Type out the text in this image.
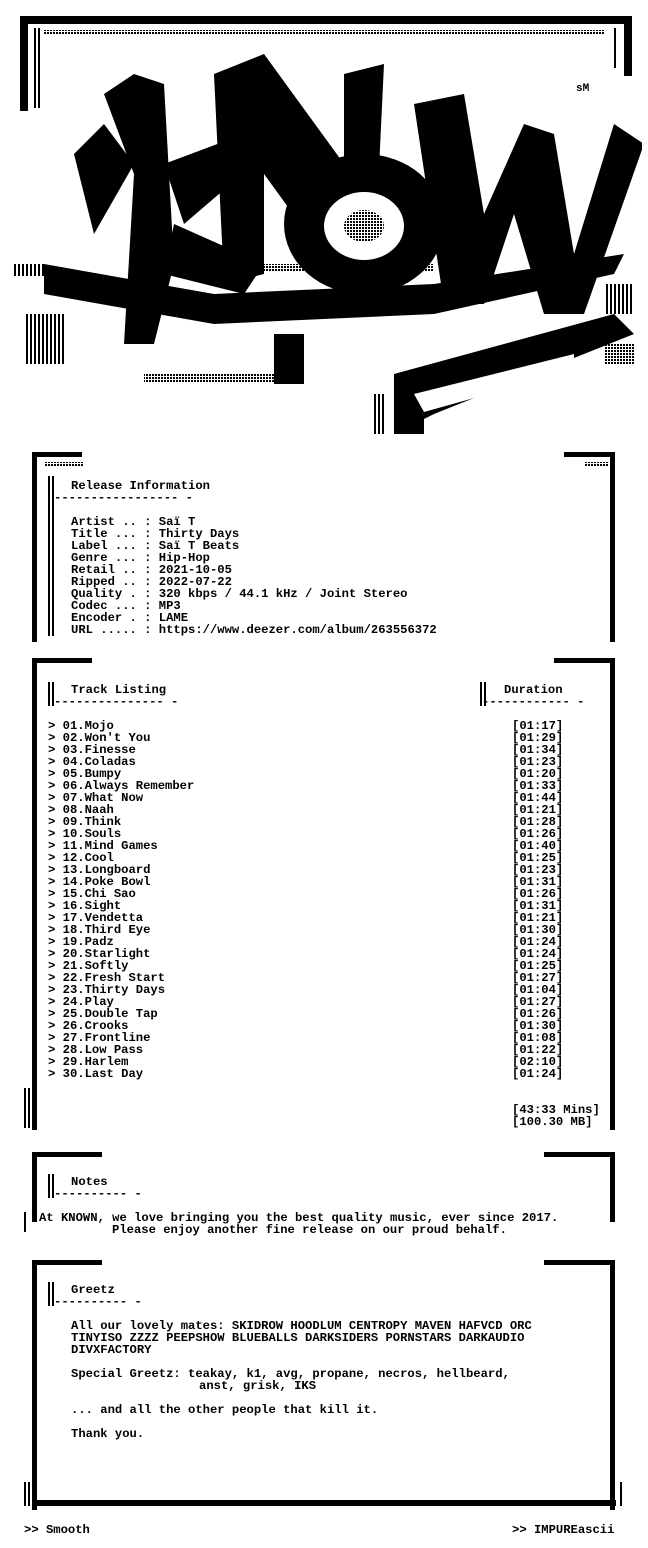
sM
Release Information
----------------- -
Artist .. : Saï T
Title ... : Thirty Days
Label ... : Saï T Beats
Genre ... : Hip-Hop
Retail .. : 2021-10-05
Ripped .. : 2022-07-22
Quality . : 320 kbps / 44.1 kHz / Joint Stereo
Codec ... : MP3
Encoder . : LAME
URL ..... : https://www.deezer.com/album/263556372
Track Listing
--------------- -
Duration
------------ -
> 01.Mojo	[01:17]
> 02.Won't You	[01:29]
> 03.Finesse	[01:34]
> 04.Coladas	[01:23]
> 05.Bumpy	[01:20]
> 06.Always Remember	[01:33]
> 07.What Now	[01:44]
> 08.Naah	[01:21]
> 09.Think	[01:28]
> 10.Souls	[01:26]
> 11.Mind Games	[01:40]
> 12.Cool	[01:25]
> 13.Longboard	[01:23]
> 14.Poke Bowl	[01:31]
> 15.Chi Sao	[01:26]
> 16.Sight	[01:31]
> 17.Vendetta	[01:21]
> 18.Third Eye	[01:30]
> 19.Padz	[01:24]
> 20.Starlight	[01:24]
> 21.Softly	[01:25]
> 22.Fresh Start	[01:27]
> 23.Thirty Days	[01:04]
> 24.Play	[01:27]
> 25.Double Tap	[01:26]
> 26.Crooks	[01:30]
> 27.Frontline	[01:08]
> 28.Low Pass	[01:22]
> 29.Harlem	[02:10]
> 30.Last Day	[01:24]
[43:33 Mins]
[100.30 MB]
Notes
---------- -
At KNOWN, we love bringing you the best quality music, ever since 2017.
Please enjoy another fine release on our proud behalf.
Greetz
---------- -
All our lovely mates: SKIDROW HOODLUM CENTROPY MAVEN HAFVCD ORC
TINYISO ZZZZ PEEPSHOW BLUEBALLS DARKSIDERS PORNSTARS DARKAUDIO
DIVXFACTORY
Special Greetz: teakay, k1, avg, propane, necros, hellbeard,
anst, grisk, IKS
... and all the other people that kill it.
Thank you.
>> Smooth	>> IMPUREascii
